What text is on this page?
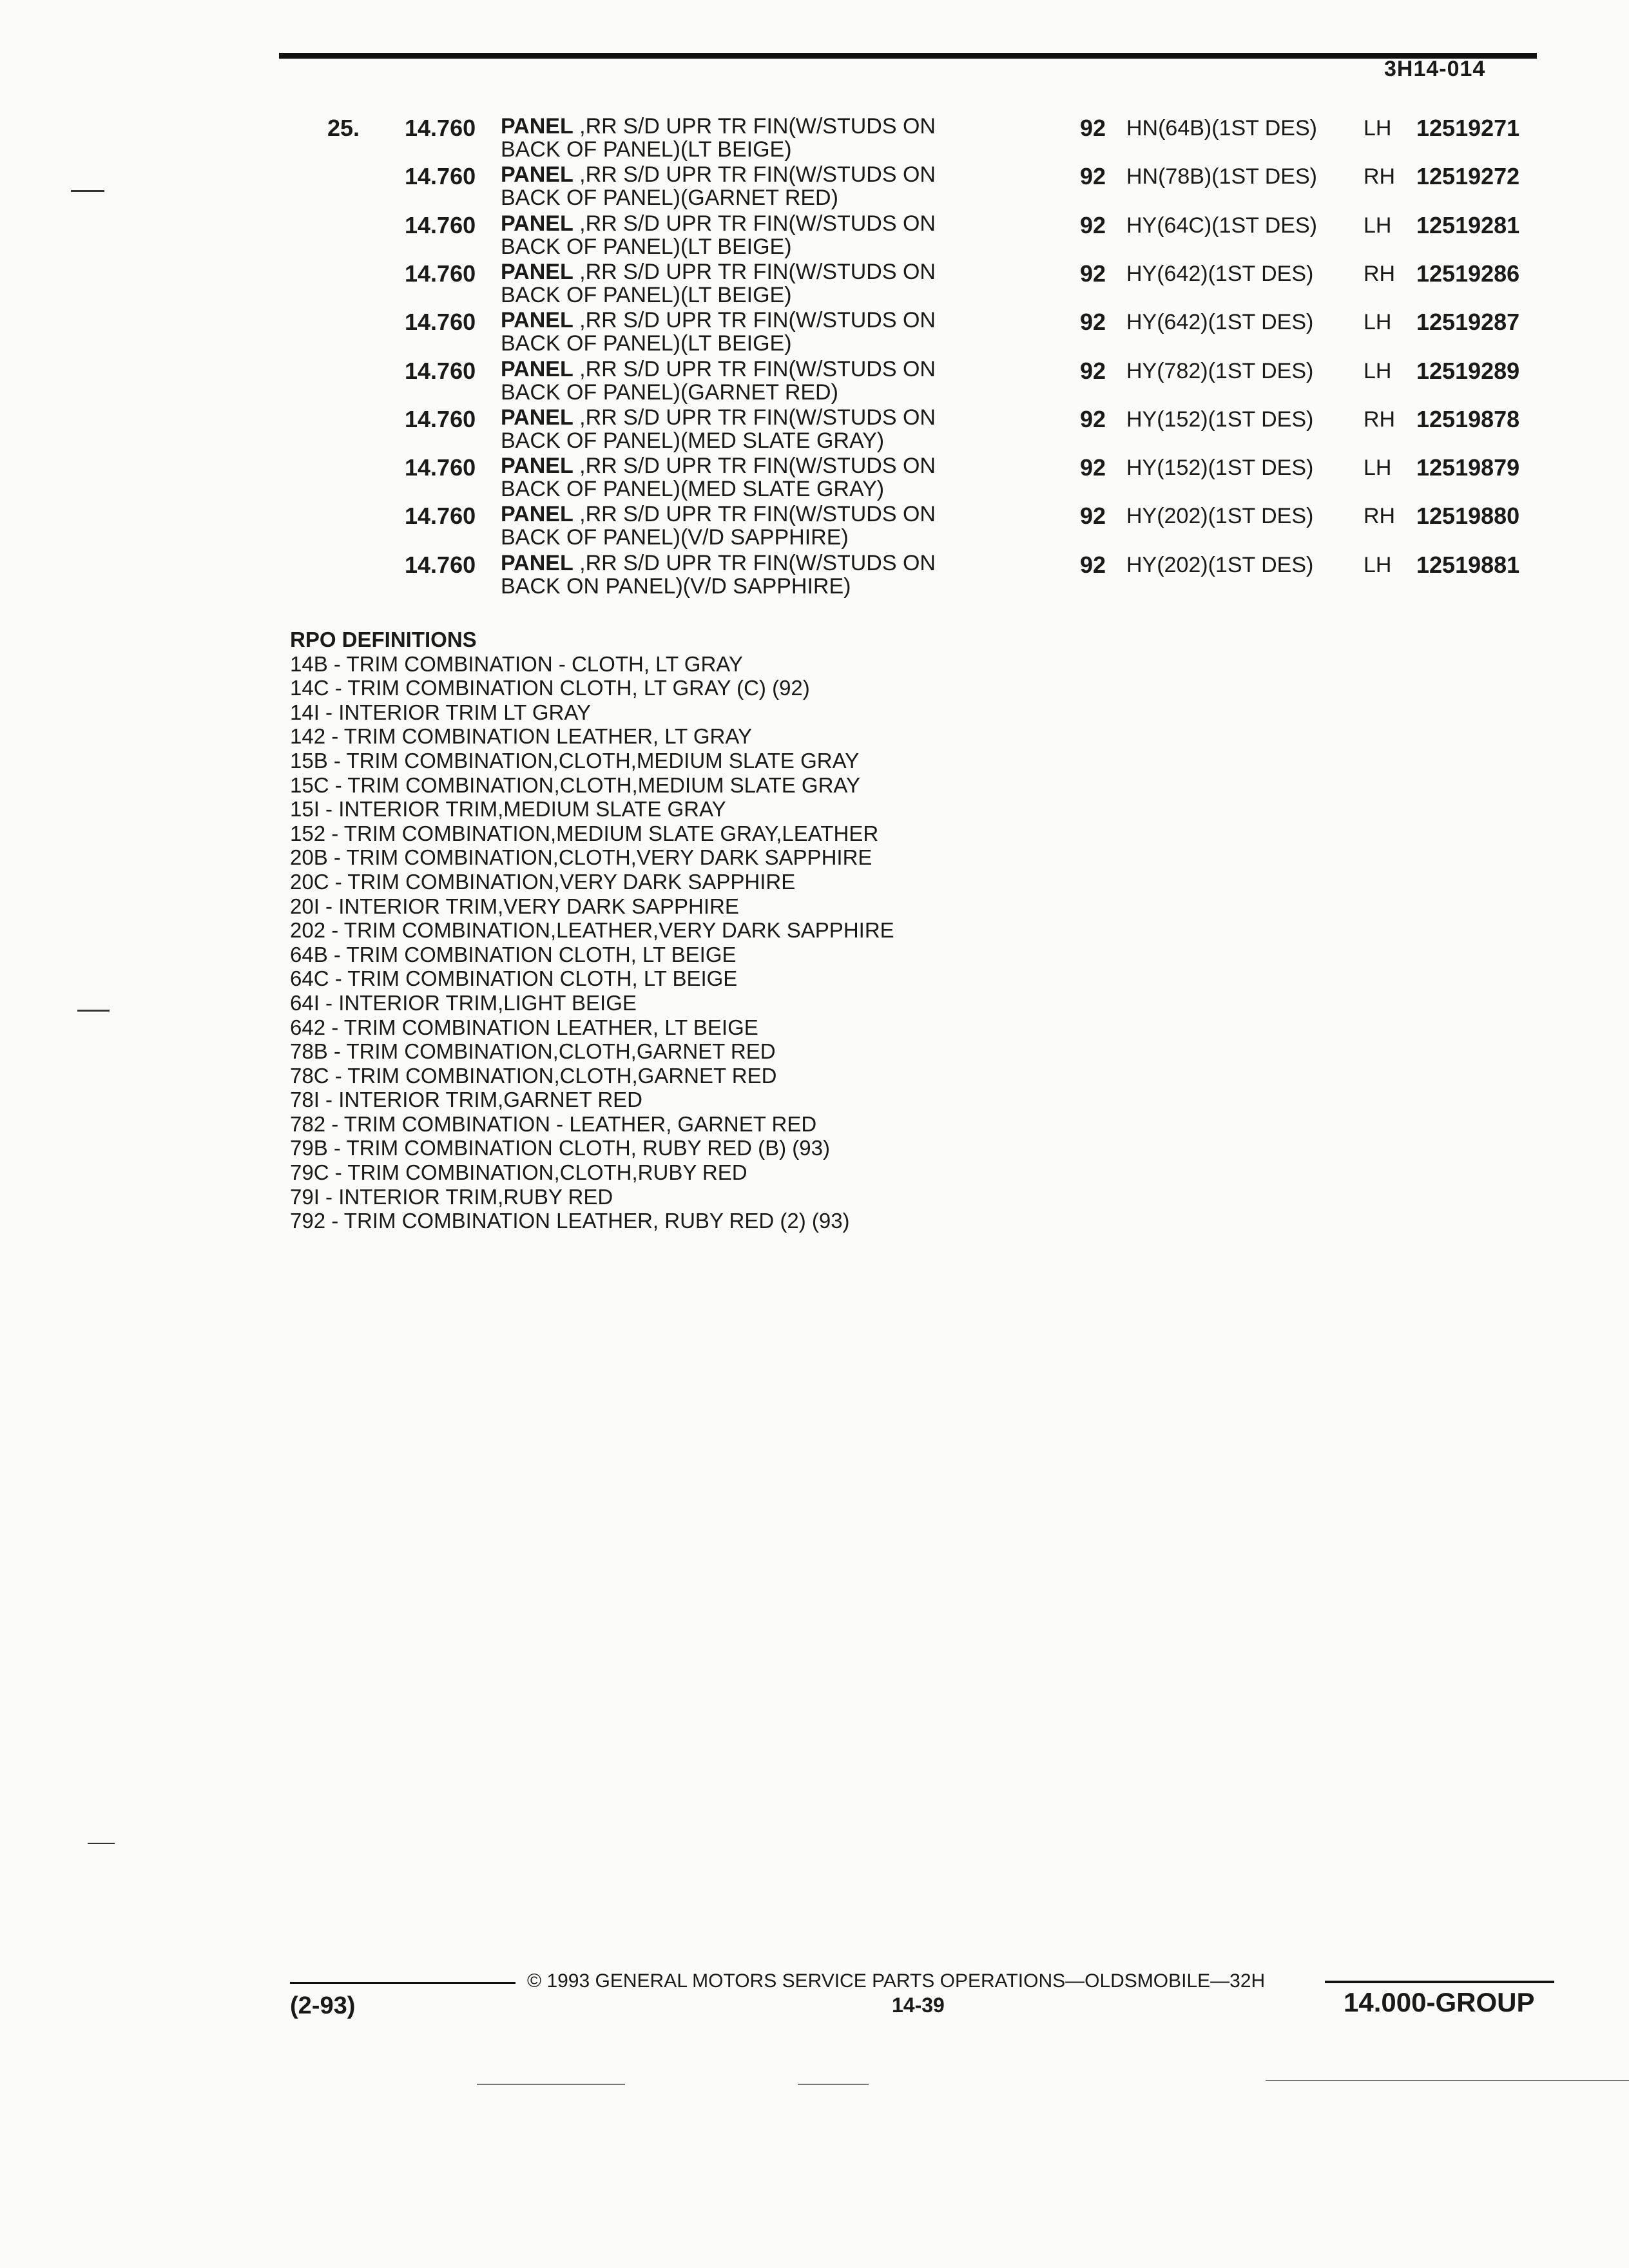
3H14-014
25. 14.760 PANEL ,RR S/D UPR TR FIN(W/STUDS ON BACK OF PANEL)(LT BEIGE)
92 HN(64B)(1ST DES) LH 12519271
14.760 PANEL ,RR S/D UPR TR FIN(W/STUDS ON BACK OF PANEL)(GARNET RED)
92 HN(78B)(1ST DES) RH 12519272
14.760 PANEL ,RR S/D UPR TR FIN(W/STUDS ON BACK OF PANEL)(LT BEIGE)
92 HY(64C)(1ST DES) LH 12519281
14.760 PANEL ,RR S/D UPR TR FIN(W/STUDS ON BACK OF PANEL)(LT BEIGE)
92 HY(642)(1ST DES) RH 12519286
14.760 PANEL ,RR S/D UPR TR FIN(W/STUDS ON BACK OF PANEL)(LT BEIGE)
92 HY(642)(1ST DES) LH 12519287
14.760 PANEL ,RR S/D UPR TR FIN(W/STUDS ON BACK OF PANEL)(GARNET RED)
92 HY(782)(1ST DES) LH 12519289
14.760 PANEL ,RR S/D UPR TR FIN(W/STUDS ON BACK OF PANEL)(MED SLATE GRAY)
92 HY(152)(1ST DES) RH 12519878
14.760 PANEL ,RR S/D UPR TR FIN(W/STUDS ON BACK OF PANEL)(MED SLATE GRAY)
92 HY(152)(1ST DES) LH 12519879
14.760 PANEL ,RR S/D UPR TR FIN(W/STUDS ON BACK OF PANEL)(V/D SAPPHIRE)
92 HY(202)(1ST DES) RH 12519880
14.760 PANEL ,RR S/D UPR TR FIN(W/STUDS ON BACK ON PANEL)(V/D SAPPHIRE)
92 HY(202)(1ST DES) LH 12519881
RPO DEFINITIONS
14B - TRIM COMBINATION - CLOTH, LT GRAY
14C - TRIM COMBINATION CLOTH, LT GRAY (C) (92)
14I - INTERIOR TRIM LT GRAY
142 - TRIM COMBINATION LEATHER, LT GRAY
15B - TRIM COMBINATION,CLOTH,MEDIUM SLATE GRAY
15C - TRIM COMBINATION,CLOTH,MEDIUM SLATE GRAY
15I - INTERIOR TRIM,MEDIUM SLATE GRAY
152 - TRIM COMBINATION,MEDIUM SLATE GRAY,LEATHER
20B - TRIM COMBINATION,CLOTH,VERY DARK SAPPHIRE
20C - TRIM COMBINATION,VERY DARK SAPPHIRE
20I - INTERIOR TRIM,VERY DARK SAPPHIRE
202 - TRIM COMBINATION,LEATHER,VERY DARK SAPPHIRE
64B - TRIM COMBINATION CLOTH, LT BEIGE
64C - TRIM COMBINATION CLOTH, LT BEIGE
64I - INTERIOR TRIM,LIGHT BEIGE
642 - TRIM COMBINATION LEATHER, LT BEIGE
78B - TRIM COMBINATION,CLOTH,GARNET RED
78C - TRIM COMBINATION,CLOTH,GARNET RED
78I - INTERIOR TRIM,GARNET RED
782 - TRIM COMBINATION - LEATHER, GARNET RED
79B - TRIM COMBINATION CLOTH, RUBY RED (B) (93)
79C - TRIM COMBINATION,CLOTH,RUBY RED
79I - INTERIOR TRIM,RUBY RED
792 - TRIM COMBINATION LEATHER, RUBY RED (2) (93)
© 1993 GENERAL MOTORS SERVICE PARTS OPERATIONS—OLDSMOBILE—32H
(2-93)	14-39	14.000-GROUP
